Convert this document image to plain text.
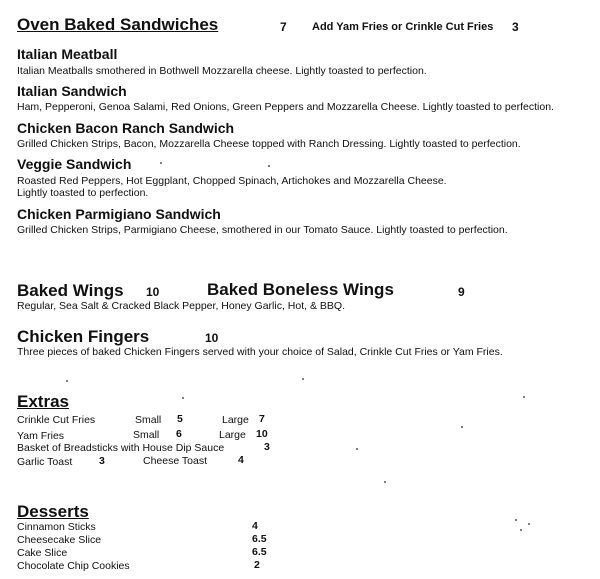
Oven Baked Sandwiches	7 Add Yam Fries or Crinkle Cut Fries 3
Italian Meatball
Italian Meatballs smothered in Bothwell Mozzarella cheese. Lightly toasted to perfection.
Italian Sandwich
Ham, Pepperoni, Genoa Salami, Red Onions, Green Peppers and Mozzarella Cheese. Lightly toasted to perfection.
Chicken Bacon Ranch Sandwich
Grilled Chicken Strips, Bacon, Mozzarella Cheese topped with Ranch Dressing. Lightly toasted to perfection.
Veggie Sandwich
Roasted Red Peppers, Hot Eggplant, Chopped Spinach, Artichokes and Mozzarella Cheese. Lightly toasted to perfection.
Chicken Parmigiano Sandwich
Grilled Chicken Strips, Parmigiano Cheese, smothered in our Tomato Sauce. Lightly toasted to perfection.
Baked Wings 10	Baked Boneless Wings	9
Regular, Sea Salt & Cracked Black Pepper, Honey Garlic, Hot, & BBQ.
Chicken Fingers	10
Three pieces of baked Chicken Fingers served with your choice of Salad, Crinkle Cut Fries or Yam Fries.
Extras
Crinkle Cut Fries	Small 5	Large 7
Yam Fries	Small 6	Large 10
Basket of Breadsticks with House Dip Sauce	3
Garlic Toast	3	Cheese Toast	4
Desserts
Cinnamon Sticks	4
Cheesecake Slice	6.5
Cake Slice	6.5
Chocolate Chip Cookies	2
